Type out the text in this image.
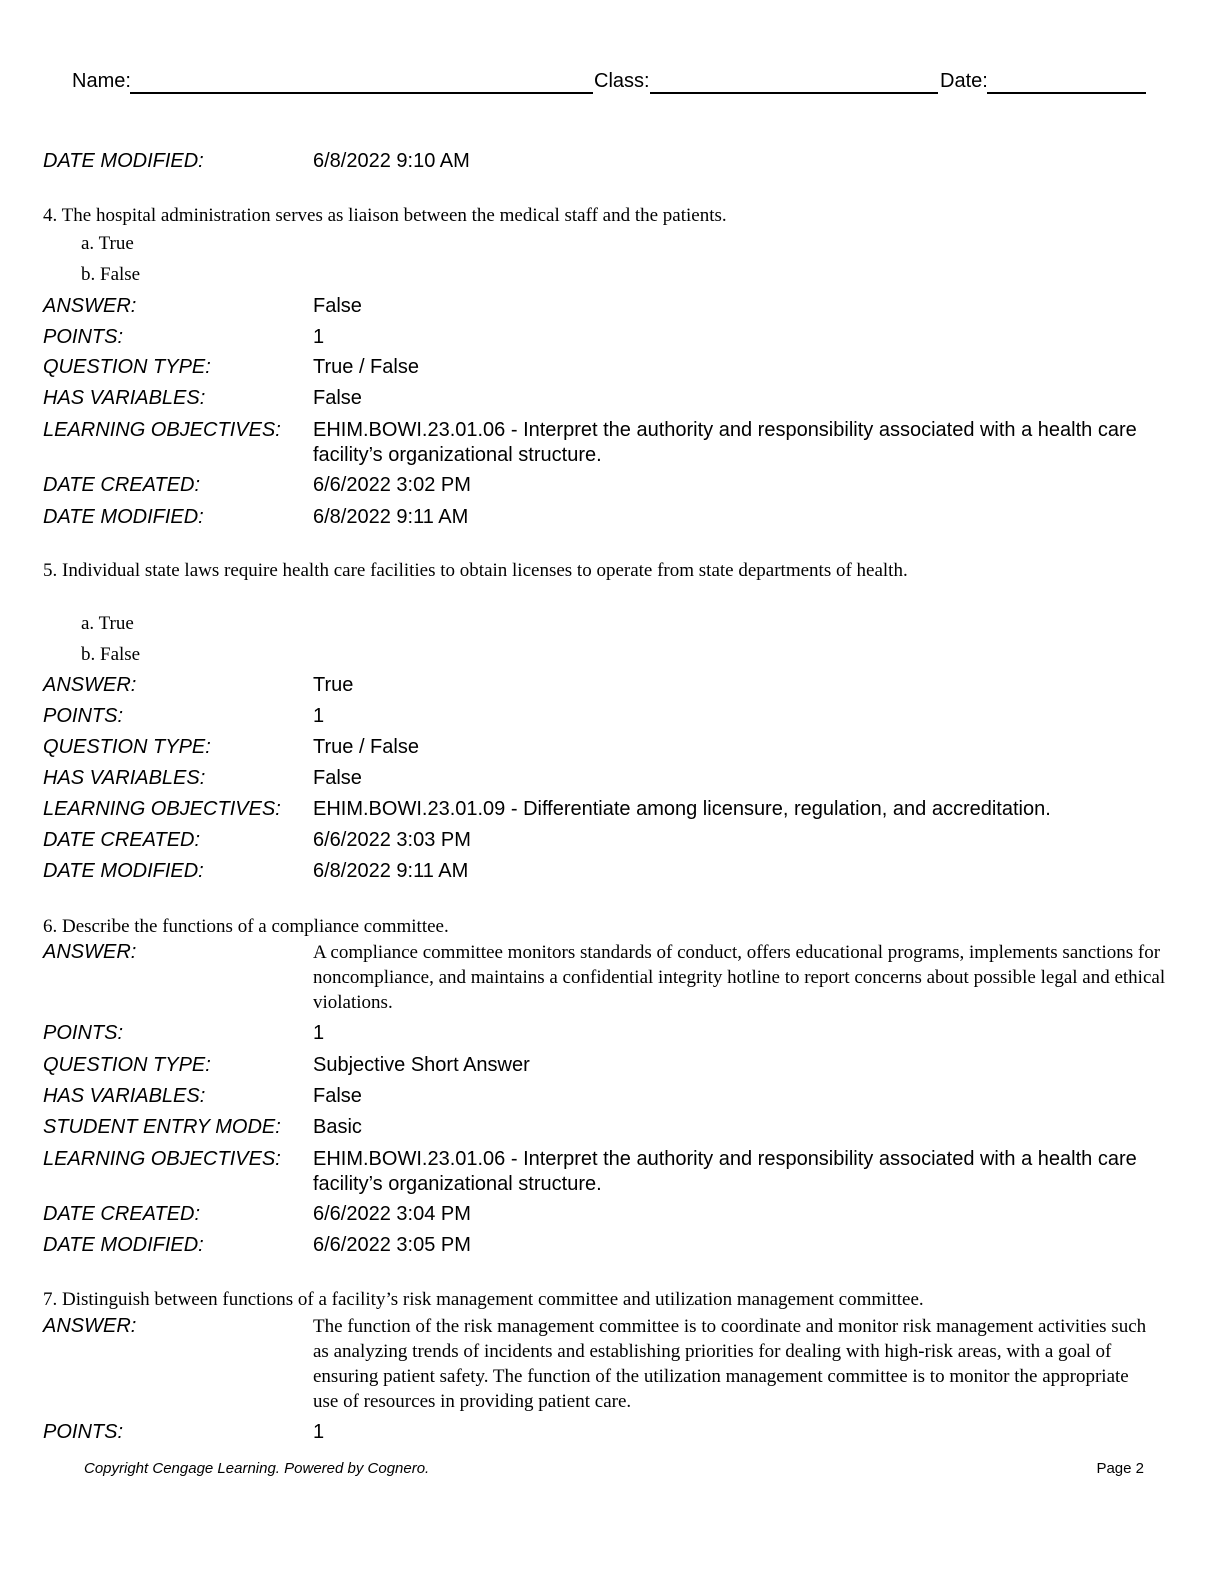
Name:	Class:	Date:
DATE MODIFIED:	6/8/2022 9:10 AM
4. The hospital administration serves as liaison between the medical staff and the patients.
a. True
b. False
ANSWER:	False
POINTS:	1
QUESTION TYPE:	True / False
HAS VARIABLES:	False
LEARNING OBJECTIVES:	EHIM.BOWI.23.01.06 - Interpret the authority and responsibility associated with a health care facility’s organizational structure.
DATE CREATED:	6/6/2022 3:02 PM
DATE MODIFIED:	6/8/2022 9:11 AM
5. Individual state laws require health care facilities to obtain licenses to operate from state departments of health.
a. True
b. False
ANSWER:	True
POINTS:	1
QUESTION TYPE:	True / False
HAS VARIABLES:	False
LEARNING OBJECTIVES:	EHIM.BOWI.23.01.09 - Differentiate among licensure, regulation, and accreditation.
DATE CREATED:	6/6/2022 3:03 PM
DATE MODIFIED:	6/8/2022 9:11 AM
6. Describe the functions of a compliance committee.
ANSWER:	A compliance committee monitors standards of conduct, offers educational programs, implements sanctions for noncompliance, and maintains a confidential integrity hotline to report concerns about possible legal and ethical violations.
POINTS:	1
QUESTION TYPE:	Subjective Short Answer
HAS VARIABLES:	False
STUDENT ENTRY MODE:	Basic
LEARNING OBJECTIVES:	EHIM.BOWI.23.01.06 - Interpret the authority and responsibility associated with a health care facility’s organizational structure.
DATE CREATED:	6/6/2022 3:04 PM
DATE MODIFIED:	6/6/2022 3:05 PM
7. Distinguish between functions of a facility’s risk management committee and utilization management committee.
ANSWER:	The function of the risk management committee is to coordinate and monitor risk management activities such as analyzing trends of incidents and establishing priorities for dealing with high-risk areas, with a goal of ensuring patient safety. The function of the utilization management committee is to monitor the appropriate use of resources in providing patient care.
POINTS:	1
Copyright Cengage Learning. Powered by Cognero.	Page 2
